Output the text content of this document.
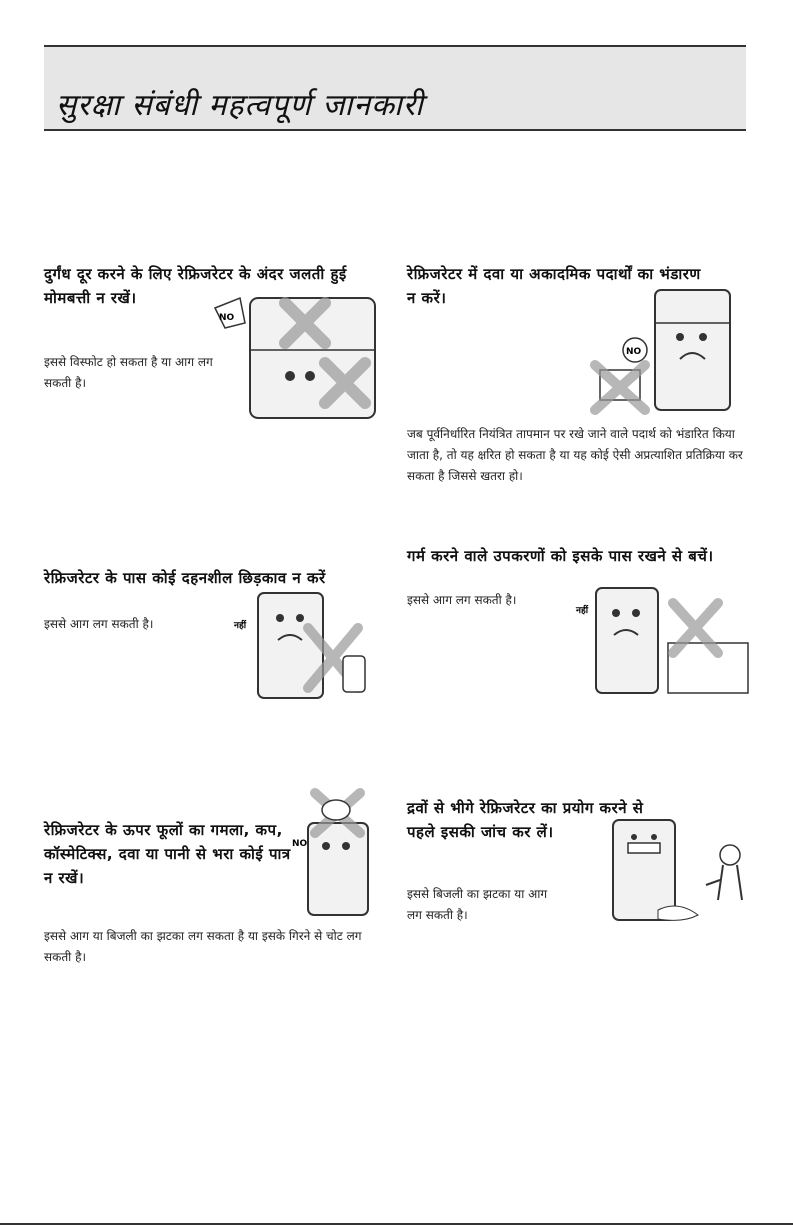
सुरक्षा संबंधी महत्वपूर्ण जानकारी

दुर्गंध दूर करने के लिए रेफ्रिजरेटर के अंदर जलती हुई मोमबत्ती न रखें।

इससे विस्फोट हो सकता है या आग लग सकती है।

NO

रेफ्रिजरेटर में दवा या अकादमिक पदार्थों का भंडारण न करें।

NO

जब पूर्वनिर्धारित नियंत्रित तापमान पर रखे जाने वाले पदार्थ को भंडारित किया जाता है, तो यह क्षरित हो सकता है या यह कोई ऐसी अप्रत्याशित प्रतिक्रिया कर सकता है जिससे खतरा हो।

रेफ्रिजरेटर के पास कोई दहनशील छिड़काव न करें

इससे आग लग सकती है।	नहीं

गर्म करने वाले उपकरणों को इसके पास रखने से बचें।

इससे आग लग सकती है।

नहीं

रेफ्रिजरेटर के ऊपर फूलों का गमला, कप, कॉस्मेटिक्स, दवा या पानी से भरा कोई पात्र न रखें।

NO

इससे आग या बिजली का झटका लग सकता है या इसके गिरने से चोट लग सकती है।

द्रवों से भीगे रेफ्रिजरेटर का प्रयोग करने से पहले इसकी जांच कर लें।

इससे बिजली का झटका या आग लग सकती है।
